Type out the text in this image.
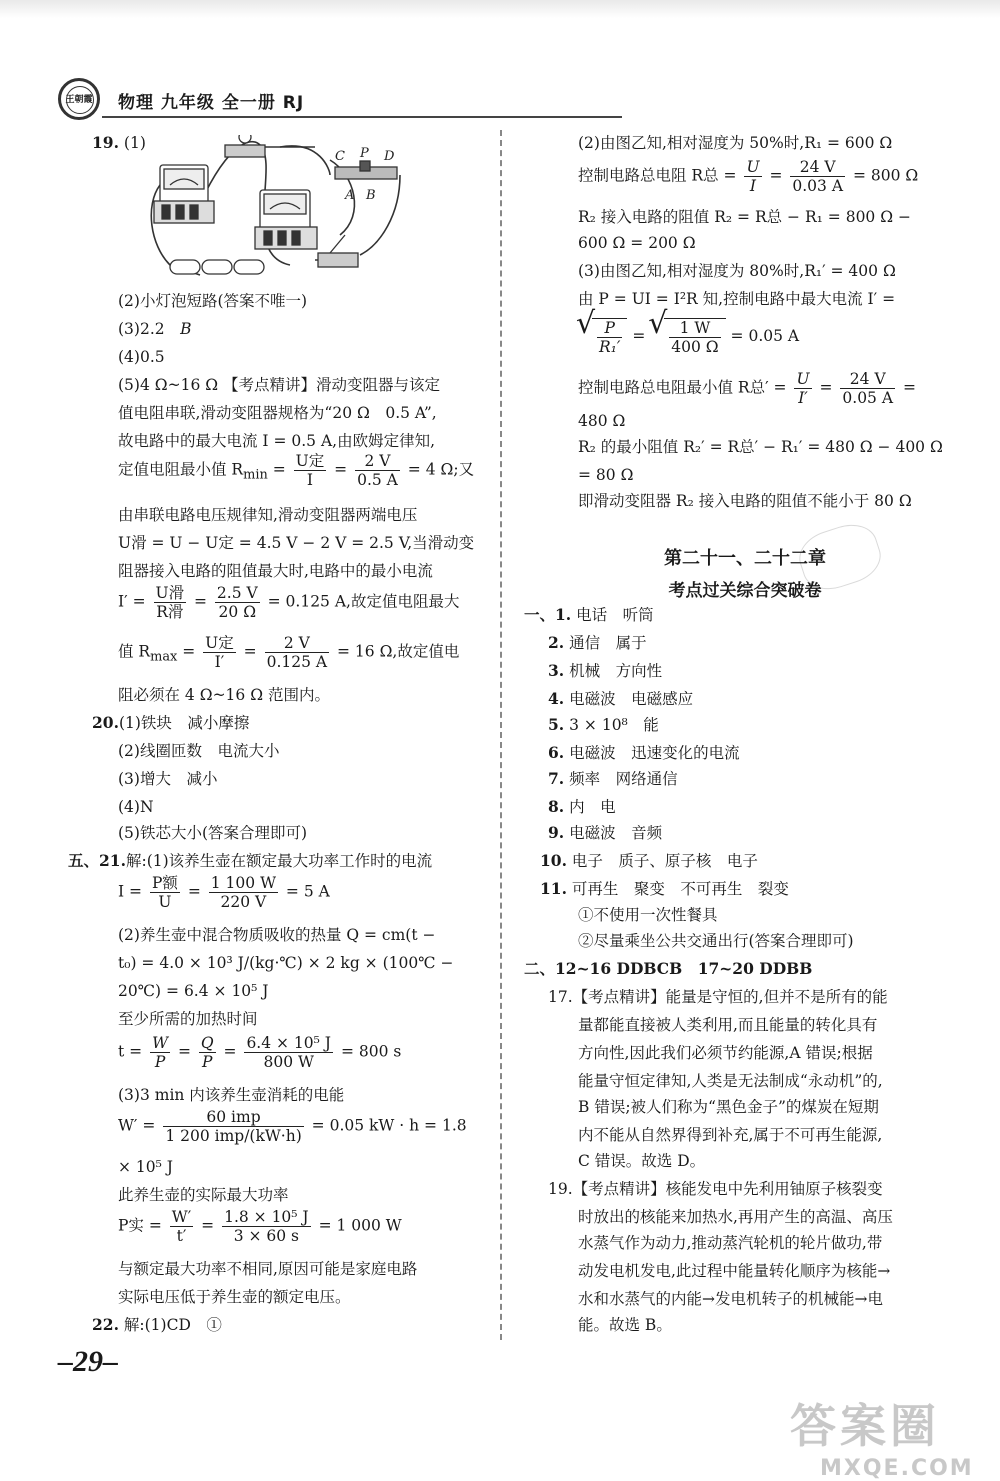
王朝霞 物理 九年级 全一册 RJ
19. (1)
C P D
A B
(2)小灯泡短路(答案不唯一)
(3)2.2　 B
(4)0.5
(5)4 Ω~16 Ω 【考点精讲】滑动变阻器与该定
值电阻串联,滑动变阻器规格为“20 Ω　0.5 A”,
故电路中的最大电流 I = 0.5 A,由欧姆定律知,
定值电阻最小值 $R_{min} = \frac{\text{U定}}{I} = \frac{2 V}{0.5 A} = 4$ Ω;又
由串联电路电压规律知,滑动变阻器两端电压
U滑 = U − U定 = 4.5 V − 2 V = 2.5 V,当滑动变
阻器接入电路的阻值最大时,电路中的最小电流
$I' = \frac{\text{U滑}}{\text{R滑}} = \frac{2.5 V}{20 \Omega} = 0.125$ A,故定值电阻最大
值 $R_{max} = \frac{\text{U定}}{I'} = \frac{2 V}{0.125 A} = 16$ Ω,故定值电
阻必须在 4 Ω~16 Ω 范围内。
20.(1)铁块　减小摩擦
(2)线圈匝数　电流大小
(3)增大　减小
(4)N
(5)铁芯大小(答案合理即可)
五、21.解:(1)该养生壶在额定最大功率工作时的电流
$I = \frac{\text{P额}}{U} = \frac{1 100 W}{220 V} = 5$ A
(2)养生壶中混合物质吸收的热量 Q = cm(t −
t₀) = 4.0 × 10³ J/(kg·℃) × 2 kg × (100℃ −
20℃) = 6.4 × 10⁵ J
至少所需的加热时间
$t = \frac{W}{P} = \frac{Q}{P} = \frac{\text{6.4 × 10⁵ J}}{800 W} = 800$ s
(3)3 min 内该养生壶消耗的电能
$W' = \frac{\text{60 imp}}{\text{1 200 imp/(kW·h)}} = 0.05$ kW · h = 1.8
× 10⁵ J
此养生壶的实际最大功率
P实 = $\frac{W'}{t'} = \frac{\text{1.8 × 10⁵ J}}{3 \times 60 s} = 1$ 000 W
与额定最大功率不相同,原因可能是家庭电路
实际电压低于养生壶的额定电压。
22. 解:(1)CD　①
(2)由图乙知,相对湿度为 50%时,R₁ = 600 Ω
控制电路总电阻 R总 = $\frac{U}{I} = \frac{24 V}{0.03 A} = 800$ Ω
R₂ 接入电路的阻值 R₂ = R总 − R₁ = 800 Ω −
600 Ω = 200 Ω
(3)由图乙知,相对湿度为 80%时,R₁′ = 400 Ω
由 P = UI = I²R 知,控制电路中最大电流 I′ =
√ $\frac{P}{\text{R₁′}}$ =
√ $\frac{1 W}{400 \Omega} = 0.05$ A
控制电路总电阻最小值 R总′ = $\frac{U}{I'} = \frac{24 V}{0.05 A}$ =
480 Ω
R₂ 的最小阻值 R₂′ = R总′ − R₁′ = 480 Ω − 400 Ω
= 80 Ω
即滑动变阻器 R₂ 接入电路的阻值不能小于 80 Ω
第二十一、二十二章
考点过关综合突破卷
一、1. 电话　听筒
2. 通信　属于
3. 机械　方向性
4. 电磁波　电磁感应
5. 3 × 10⁸　能
6. 电磁波　迅速变化的电流
7. 频率　网络通信
8. 内　电
9. 电磁波　音频
10. 电子　质子、原子核　电子
11. 可再生　聚变　不可再生　裂变
①不使用一次性餐具
②尽量乘坐公共交通出行(答案合理即可)
二、12~16 DDBCB　17~20 DDBB
17.【考点精讲】能量是守恒的,但并不是所有的能
量都能直接被人类利用,而且能量的转化具有
方向性,因此我们必须节约能源,A 错误;根据
能量守恒定律知,人类是无法制成“永动机”的,
B 错误;被人们称为“黑色金子”的煤炭在短期
内不能从自然界得到补充,属于不可再生能源,
C 错误。故选 D。
19.【考点精讲】核能发电中先利用铀原子核裂变
时放出的核能来加热水,再用产生的高温、高压
水蒸气作为动力,推动蒸汽轮机的轮片做功,带
动发电机发电,此过程中能量转化顺序为核能→
水和水蒸气的内能→发电机转子的机械能→电
能。故选 B。
–29–
答案圈
MXQE.COM
